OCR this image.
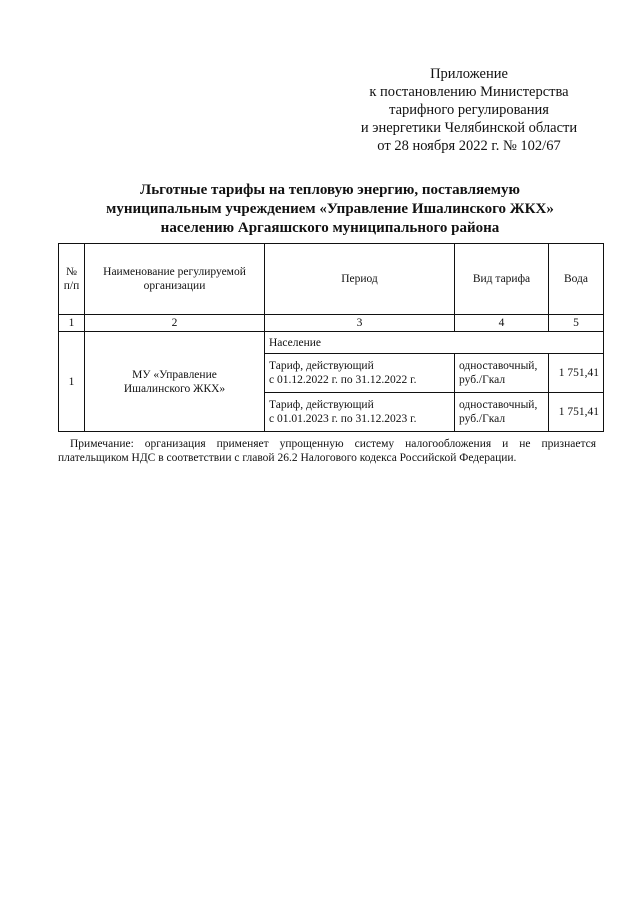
Приложение
к постановлению Министерства
тарифного регулирования
и энергетики Челябинской области
от 28 ноября 2022 г. № 102/67
Льготные тарифы на тепловую энергию, поставляемую
муниципальным учреждением «Управление Ишалинского ЖКХ»
населению Аргаяшского муниципального района
№ п/п	Наименование регулируемой организации	Период	Вид тарифа	Вода
1	2	3	4	5
1	МУ «Управление Ишалинского ЖКХ»	Население		

		Тариф, действующий
с 01.12.2022 г. по 31.12.2022 г.	одноставочный, руб./Гкал	1 751,41

		Тариф, действующий
с 01.01.2023 г. по 31.12.2023 г.	одноставочный, руб./Гкал	1 751,41
Примечание: организация применяет упрощенную систему налогообложения и не признается
плательщиком НДС в соответствии с главой 26.2 Налогового кодекса Российской Федерации.
